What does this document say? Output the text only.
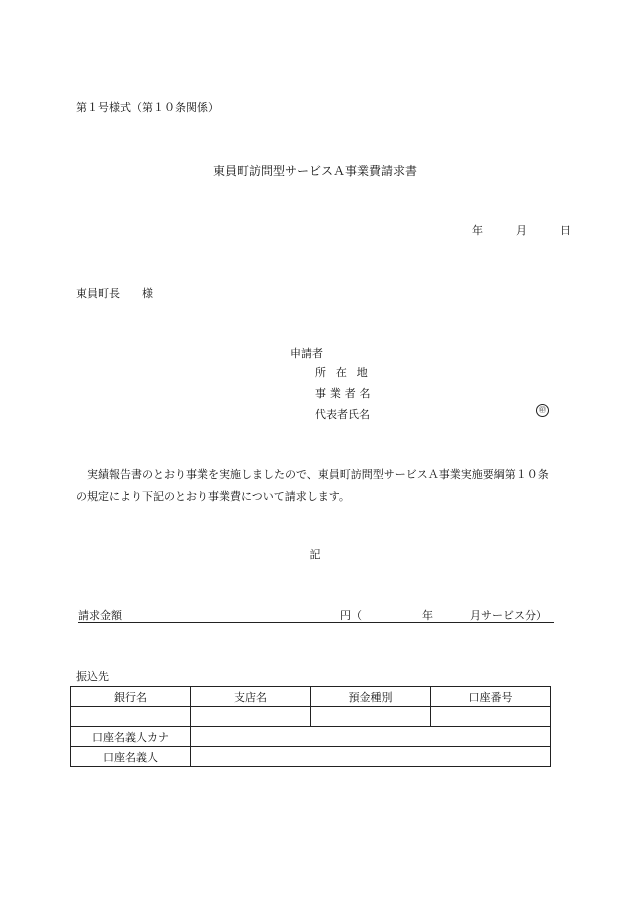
第１号様式（第１０条関係）
東員町訪問型サービスＡ事業費請求書
年	月	日
東員町長　　様
申請者
所在地
事業者名
代表者氏名	㊞
実績報告書のとおり事業を実施しましたので、東員町訪問型サービスＡ事業実施要綱第１０条の規定により下記のとおり事業費について請求します。
記
請求金額	円（	年	月サービス分）
振込先
銀行名	支店名	預金種別	口座番号

口座名義人カナ			
口座名義人			
